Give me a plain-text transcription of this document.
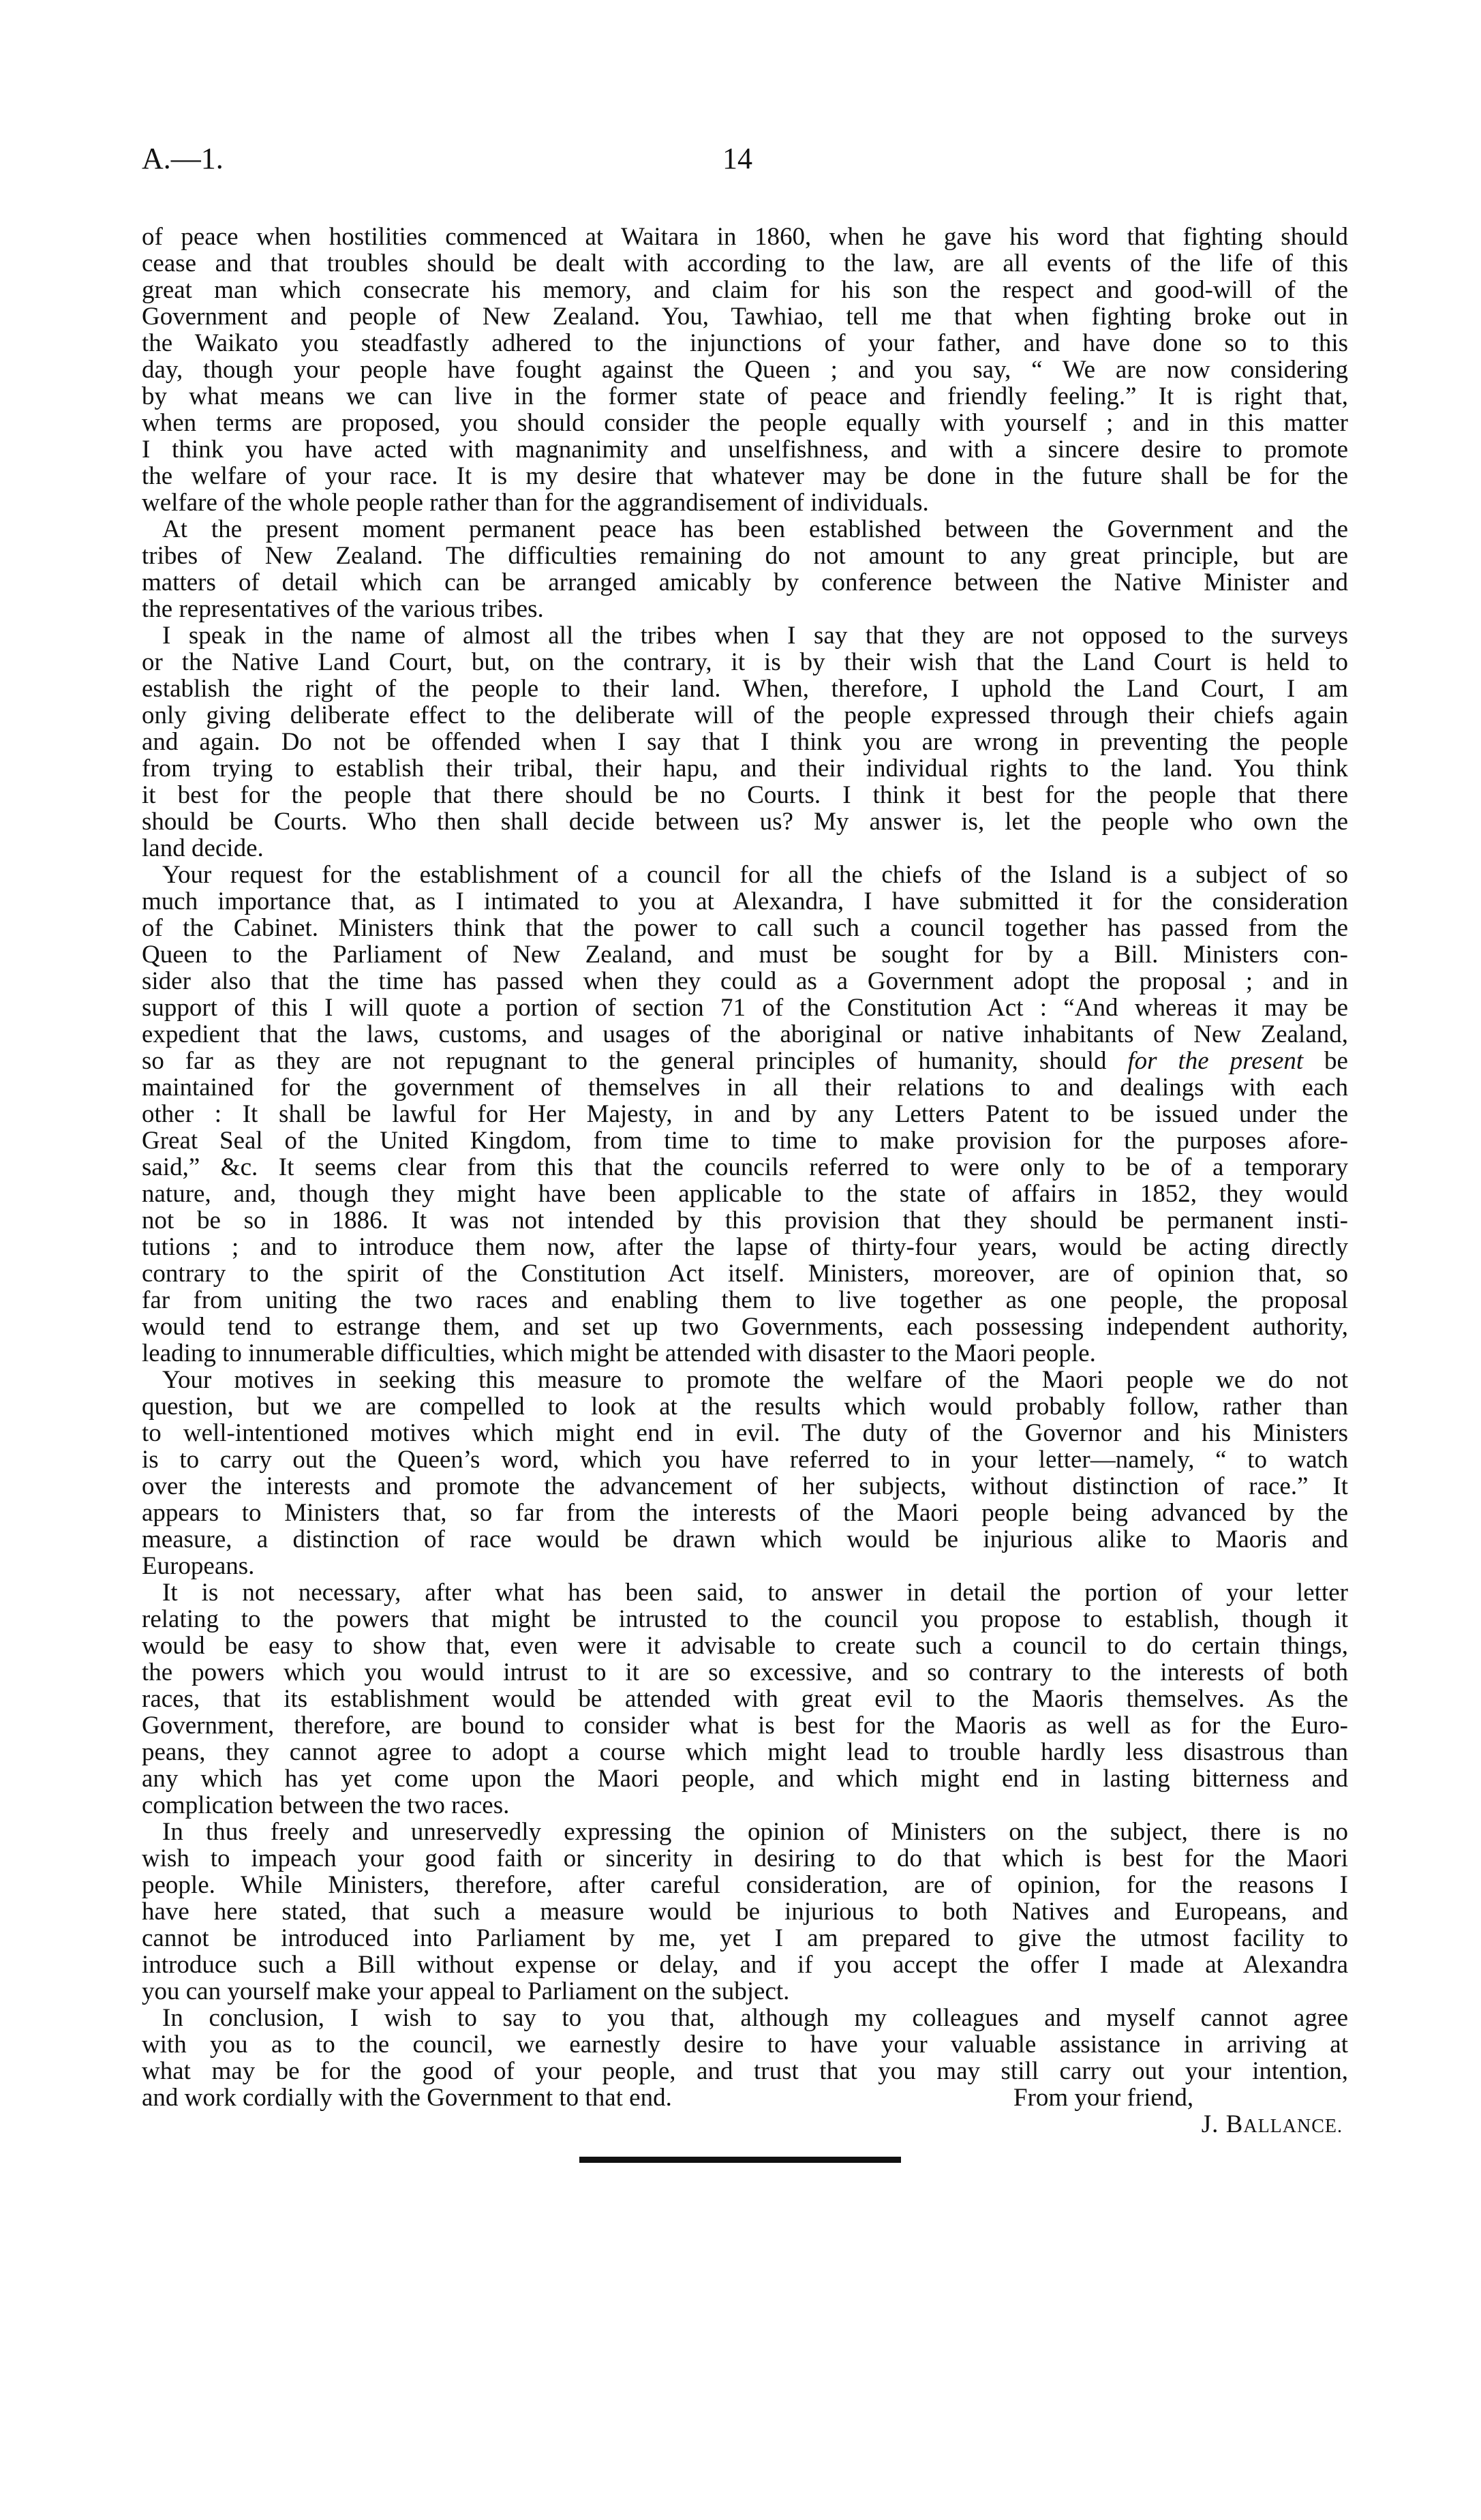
A.—1.	14
of peace when hostilities commenced at Waitara in 1860, when he gave his word that fighting should
cease and that troubles should be dealt with according to the law, are all events of the life of this
great man which consecrate his memory, and claim for his son the respect and good-will of the
Government and people of New Zealand. You, Tawhiao, tell me that when fighting broke out in
the Waikato you steadfastly adhered to the injunctions of your father, and have done so to this
day, though your people have fought against the Queen ; and you say, “ We are now considering
by what means we can live in the former state of peace and friendly feeling.” It is right that,
when terms are proposed, you should consider the people equally with yourself ; and in this matter
I think you have acted with magnanimity and unselfishness, and with a sincere desire to promote
the welfare of your race. It is my desire that whatever may be done in the future shall be for the
welfare of the whole people rather than for the aggrandisement of individuals.
At the present moment permanent peace has been established between the Government and the
tribes of New Zealand. The difficulties remaining do not amount to any great principle, but are
matters of detail which can be arranged amicably by conference between the Native Minister and
the representatives of the various tribes.
I speak in the name of almost all the tribes when I say that they are not opposed to the surveys
or the Native Land Court, but, on the contrary, it is by their wish that the Land Court is held to
establish the right of the people to their land. When, therefore, I uphold the Land Court, I am
only giving deliberate effect to the deliberate will of the people expressed through their chiefs again
and again. Do not be offended when I say that I think you are wrong in preventing the people
from trying to establish their tribal, their hapu, and their individual rights to the land. You think
it best for the people that there should be no Courts. I think it best for the people that there
should be Courts. Who then shall decide between us? My answer is, let the people who own the
land decide.
Your request for the establishment of a council for all the chiefs of the Island is a subject of so
much importance that, as I intimated to you at Alexandra, I have submitted it for the consideration
of the Cabinet. Ministers think that the power to call such a council together has passed from the
Queen to the Parliament of New Zealand, and must be sought for by a Bill. Ministers con-
sider also that the time has passed when they could as a Government adopt the proposal ; and in
support of this I will quote a portion of section 71 of the Constitution Act : “And whereas it may be
expedient that the laws, customs, and usages of the aboriginal or native inhabitants of New Zealand,
so far as they are not repugnant to the general principles of humanity, should for the present be
maintained for the government of themselves in all their relations to and dealings with each
other : It shall be lawful for Her Majesty, in and by any Letters Patent to be issued under the
Great Seal of the United Kingdom, from time to time to make provision for the purposes afore-
said,” &c. It seems clear from this that the councils referred to were only to be of a temporary
nature, and, though they might have been applicable to the state of affairs in 1852, they would
not be so in 1886. It was not intended by this provision that they should be permanent insti-
tutions ; and to introduce them now, after the lapse of thirty-four years, would be acting directly
contrary to the spirit of the Constitution Act itself. Ministers, moreover, are of opinion that, so
far from uniting the two races and enabling them to live together as one people, the proposal
would tend to estrange them, and set up two Governments, each possessing independent authority,
leading to innumerable difficulties, which might be attended with disaster to the Maori people.
Your motives in seeking this measure to promote the welfare of the Maori people we do not
question, but we are compelled to look at the results which would probably follow, rather than
to well-intentioned motives which might end in evil. The duty of the Governor and his Ministers
is to carry out the Queen’s word, which you have referred to in your letter—namely, “ to watch
over the interests and promote the advancement of her subjects, without distinction of race.” It
appears to Ministers that, so far from the interests of the Maori people being advanced by the
measure, a distinction of race would be drawn which would be injurious alike to Maoris and
Europeans.
It is not necessary, after what has been said, to answer in detail the portion of your letter
relating to the powers that might be intrusted to the council you propose to establish, though it
would be easy to show that, even were it advisable to create such a council to do certain things,
the powers which you would intrust to it are so excessive, and so contrary to the interests of both
races, that its establishment would be attended with great evil to the Maoris themselves. As the
Government, therefore, are bound to consider what is best for the Maoris as well as for the Euro-
peans, they cannot agree to adopt a course which might lead to trouble hardly less disastrous than
any which has yet come upon the Maori people, and which might end in lasting bitterness and
complication between the two races.
In thus freely and unreservedly expressing the opinion of Ministers on the subject, there is no
wish to impeach your good faith or sincerity in desiring to do that which is best for the Maori
people. While Ministers, therefore, after careful consideration, are of opinion, for the reasons I
have here stated, that such a measure would be injurious to both Natives and Europeans, and
cannot be introduced into Parliament by me, yet I am prepared to give the utmost facility to
introduce such a Bill without expense or delay, and if you accept the offer I made at Alexandra
you can yourself make your appeal to Parliament on the subject.
In conclusion, I wish to say to you that, although my colleagues and myself cannot agree
with you as to the council, we earnestly desire to have your valuable assistance in arriving at
what may be for the good of your people, and trust that you may still carry out your intention,
and work cordially with the Government to that end.	From your friend,
J. BALLANCE.
